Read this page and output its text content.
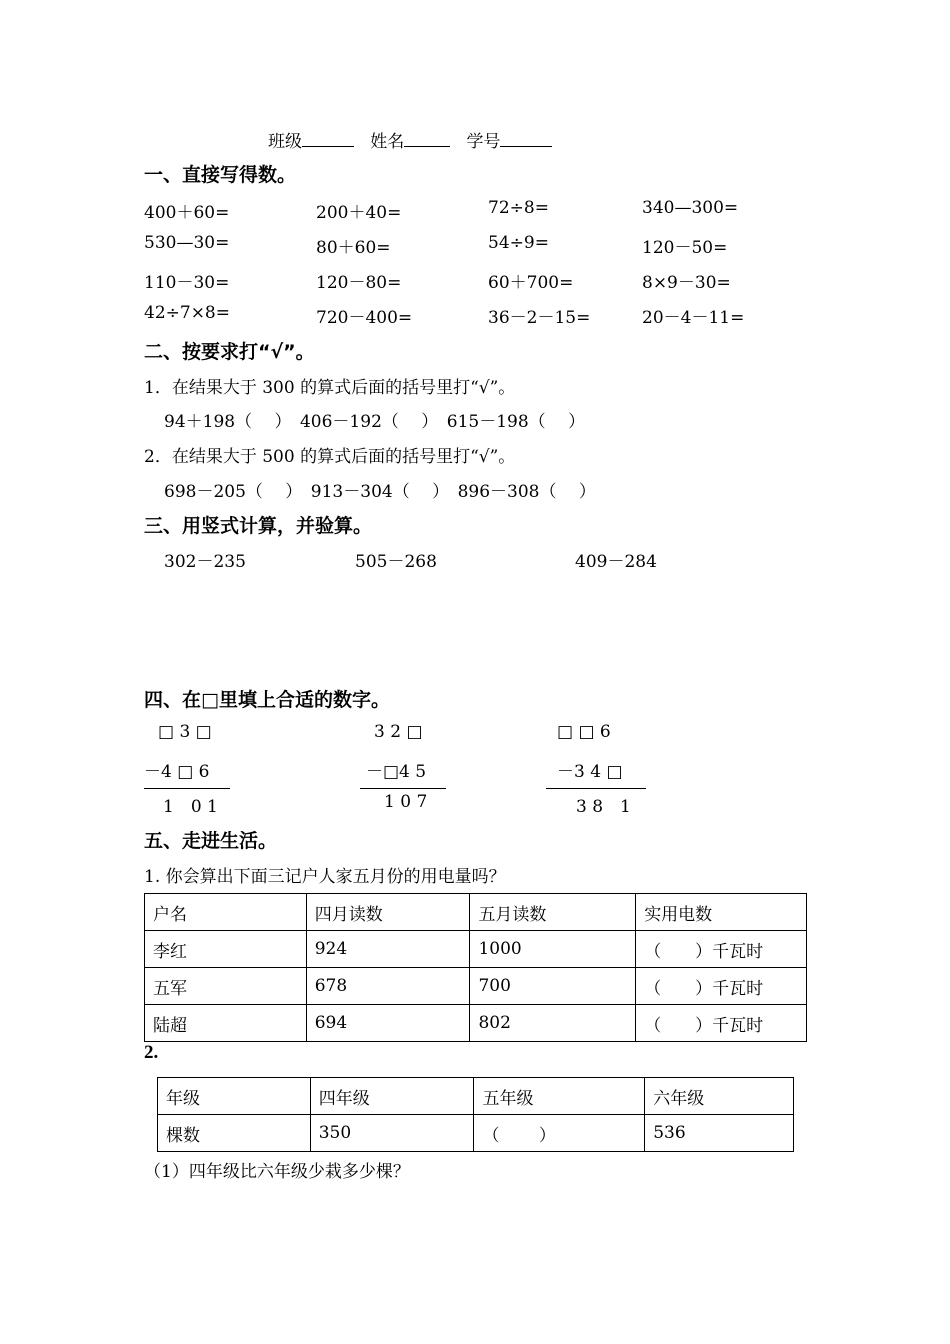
班级	姓名	学号
一、直接写得数。
400＋60=	200＋40=	72÷8=	340—300=
530—30=	80＋60=	54÷9=	120－50=
110－30=	120－80=	60＋700=	8×9－30=
42÷7×8=	720－400=	36－2－15=	20－4－11=
二、按要求打“√”。
1．在结果大于 300 的算式后面的括号里打“√”。
94＋198（　 ）　406－192（　 ）　615－198（　 ）
2．在结果大于 500 的算式后面的括号里打“√”。
698－205（　 ）　913－304（　 ）　896－308（　 ）
三、用竖式计算，并验算。
302－235	505－268	409－284
四、在□里填上合适的数字。
□ 3 □
－4 □ 6
1　0 1
3 2 □
－□4 5
1 0 7
□ □ 6
－3 4 □
3 8　1
五、走进生活。
1. 你会算出下面三记户人家五月份的用电量吗？
户名	四月读数	五月读数	实用电数
李红	924	1000	（　　）千瓦时
五军	678	700	（　　）千瓦时
陆超	694	802	（　　）千瓦时
2.
年级	四年级	五年级	六年级
棵数	350	（　　 ）	536
（1）四年级比六年级少栽多少棵？
